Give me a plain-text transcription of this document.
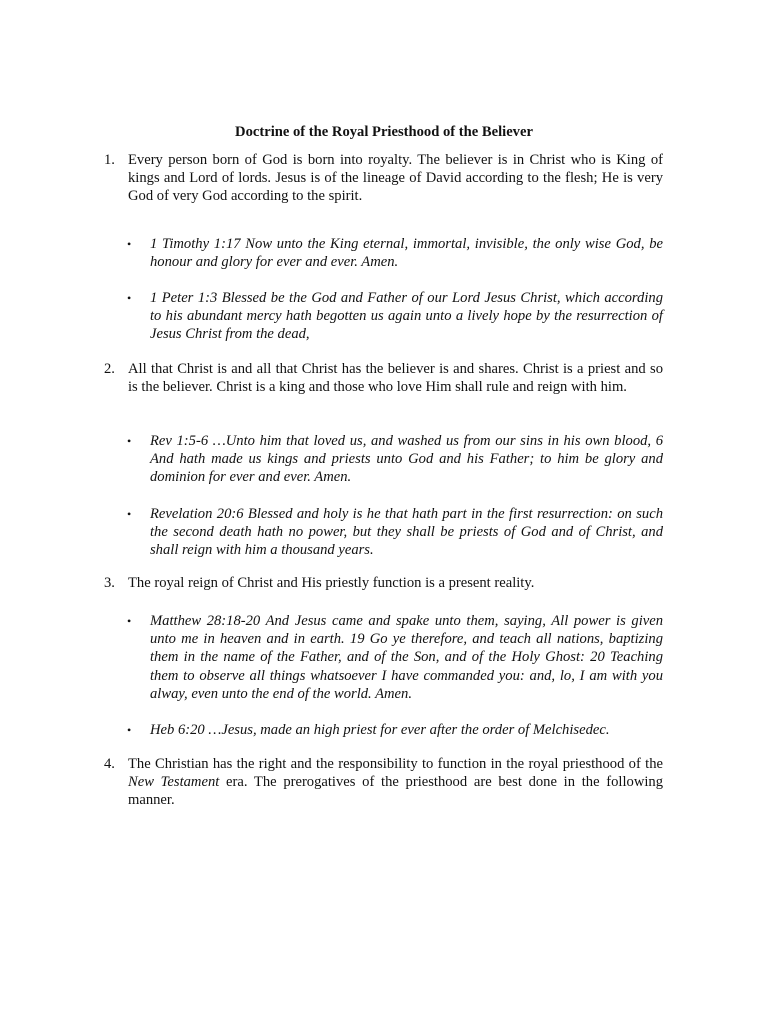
Doctrine of the Royal Priesthood of the Believer
1. Every person born of God is born into royalty. The believer is in Christ who is King of kings and Lord of lords. Jesus is of the lineage of David according to the flesh; He is very God of very God according to the spirit.
• 1 Timothy 1:17 Now unto the King eternal, immortal, invisible, the only wise God, be honour and glory for ever and ever. Amen.
• 1 Peter 1:3 Blessed be the God and Father of our Lord Jesus Christ, which according to his abundant mercy hath begotten us again unto a lively hope by the resurrection of Jesus Christ from the dead,
2. All that Christ is and all that Christ has the believer is and shares. Christ is a priest and so is the believer. Christ is a king and those who love Him shall rule and reign with him.
• Rev 1:5-6 …Unto him that loved us, and washed us from our sins in his own blood, 6 And hath made us kings and priests unto God and his Father; to him be glory and dominion for ever and ever. Amen.
• Revelation 20:6 Blessed and holy is he that hath part in the first resurrection: on such the second death hath no power, but they shall be priests of God and of Christ, and shall reign with him a thousand years.
3. The royal reign of Christ and His priestly function is a present reality.
• Matthew 28:18-20 And Jesus came and spake unto them, saying, All power is given unto me in heaven and in earth. 19 Go ye therefore, and teach all nations, baptizing them in the name of the Father, and of the Son, and of the Holy Ghost: 20 Teaching them to observe all things whatsoever I have commanded you: and, lo, I am with you alway, even unto the end of the world. Amen.
• Heb 6:20 …Jesus, made an high priest for ever after the order of Melchisedec.
4. The Christian has the right and the responsibility to function in the royal priesthood of the New Testament era. The prerogatives of the priesthood are best done in the following manner.
